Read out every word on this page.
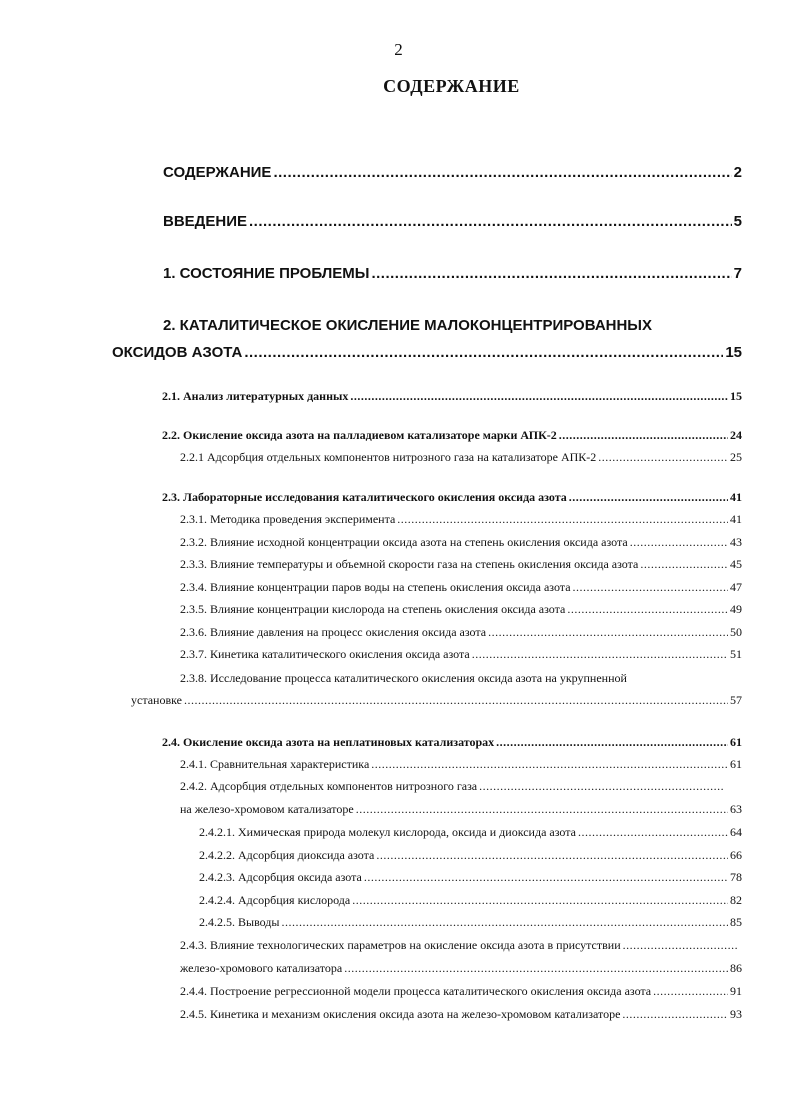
2
СОДЕРЖАНИЕ
СОДЕРЖАНИЕ .....	2
ВВЕДЕНИЕ .....	5
1. СОСТОЯНИЕ ПРОБЛЕМЫ .....	7
2. КАТАЛИТИЧЕСКОЕ ОКИСЛЕНИЕ МАЛОКОНЦЕНТРИРОВАННЫХ
ОКСИДОВ АЗОТА .....	15
2.1. Анализ литературных данных .....	15
2.2. Окисление оксида азота на палладиевом катализаторе марки АПК-2 .....	24
2.2.1 Адсорбция отдельных компонентов нитрозного газа на катализаторе АПК-2 .....	25
2.3. Лабораторные исследования каталитического окисления оксида азота .....	41
2.3.1. Методика проведения эксперимента .....	41
2.3.2. Влияние исходной концентрации оксида азота на степень окисления оксида азота .....	43
2.3.3. Влияние температуры и объемной скорости газа на степень окисления оксида азота .....	45
2.3.4. Влияние концентрации паров воды на степень окисления оксида азота .....	47
2.3.5. Влияние концентрации кислорода на степень окисления оксида азота .....	49
2.3.6. Влияние давления на процесс окисления оксида азота .....	50
2.3.7. Кинетика каталитического окисления оксида азота .....	51
2.3.8. Исследование процесса каталитического окисления оксида азота на укрупненной
установке .....	57
2.4. Окисление оксида азота на неплатиновых катализаторах .....	61
2.4.1. Сравнительная характеристика .....	61
2.4.2. Адсорбция отдельных компонентов нитрозного газа
.....
на железо-хромовом катализаторе .....	63
2.4.2.1. Химическая природа молекул кислорода, оксида и диоксида азота .....	64
2.4.2.2. Адсорбция диоксида азота .....	66
2.4.2.3. Адсорбция оксида азота .....	78
2.4.2.4. Адсорбция кислорода .....	82
2.4.2.5. Выводы .....	85
2.4.3. Влияние технологических параметров на окисление оксида азота в присутствии
.....
железо-хромового катализатора .....	86
2.4.4. Построение регрессионной модели процесса каталитического окисления оксида азота .....	91
2.4.5. Кинетика и механизм окисления оксида азота на железо-хромовом катализаторе .....	93
